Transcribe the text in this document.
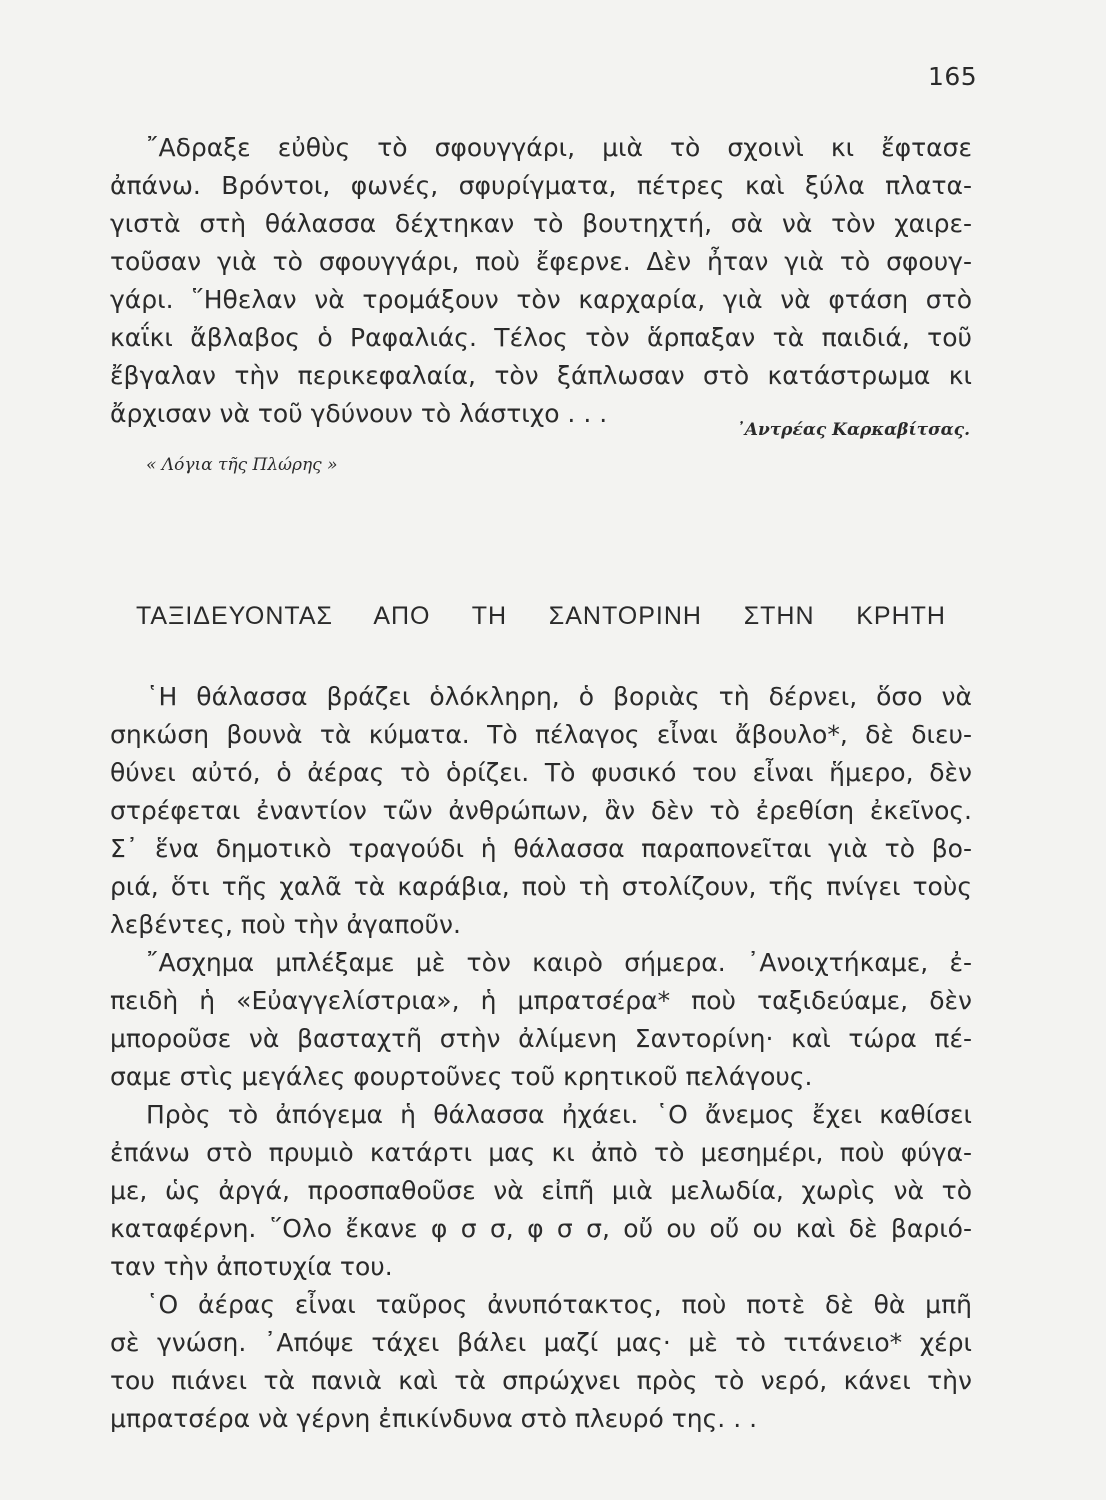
165
῎Αδραξε εὐθὺς τὸ σφουγγάρι, μιὰ τὸ σχοινὶ κι ἔφτασε
ἀπάνω. Βρόντοι, φωνές, σφυρίγματα, πέτρες καὶ ξύλα πλατα-
γιστὰ στὴ θάλασσα δέχτηκαν τὸ βουτηχτή, σὰ νὰ τὸν χαιρε-
τοῦσαν γιὰ τὸ σφουγγάρι, ποὺ ἔφερνε. Δὲν ἦταν γιὰ τὸ σφουγ-
γάρι. ῞Ηθελαν νὰ τρομάξουν τὸν καρχαρία, γιὰ νὰ φτάση στὸ
καΐκι ἄβλαβος ὁ Ραφαλιάς. Τέλος τὸν ἅρπαξαν τὰ παιδιά, τοῦ
ἔβγαλαν τὴν περικεφαλαία, τὸν ξάπλωσαν στὸ κατάστρωμα κι
ἄρχισαν νὰ τοῦ γδύνουν τὸ λάστιχο . . .
᾿Αντρέας Καρκαβίτσας.
« Λόγια τῆς Πλώρης »
ΤΑΞΙΔΕΥΟΝΤΑΣ ΑΠΟ ΤΗ ΣΑΝΤΟΡΙΝΗ ΣΤΗΝ ΚΡΗΤΗ
῾Η θάλασσα βράζει ὁλόκληρη, ὁ βοριὰς τὴ δέρνει, ὅσο νὰ
σηκώση βουνὰ τὰ κύματα. Τὸ πέλαγος εἶναι ἄβουλο*, δὲ διευ-
θύνει αὐτό, ὁ ἀέρας τὸ ὁρίζει. Τὸ φυσικό του εἶναι ἥμερο, δὲν
στρέφεται ἐναντίον τῶν ἀνθρώπων, ἂν δὲν τὸ ἐρεθίση ἐκεῖνος.
Σ᾿ ἕνα δημοτικὸ τραγούδι ἡ θάλασσα παραπονεῖται γιὰ τὸ βο-
ριά, ὅτι τῆς χαλᾶ τὰ καράβια, ποὺ τὴ στολίζουν, τῆς πνίγει τοὺς
λεβέντες, ποὺ τὴν ἀγαποῦν.
῎Ασχημα μπλέξαμε μὲ τὸν καιρὸ σήμερα. ᾿Ανοιχτήκαμε, ἐ-
πειδὴ ἡ «Εὐαγγελίστρια», ἡ μπρατσέρα* ποὺ ταξιδεύαμε, δὲν
μποροῦσε νὰ βασταχτῆ στὴν ἀλίμενη Σαντορίνη· καὶ τώρα πέ-
σαμε στὶς μεγάλες φουρτοῦνες τοῦ κρητικοῦ πελάγους.
Πρὸς τὸ ἀπόγεμα ἡ θάλασσα ἠχάει. ῾Ο ἄνεμος ἔχει καθίσει
ἐπάνω στὸ πρυμιὸ κατάρτι μας κι ἀπὸ τὸ μεσημέρι, ποὺ φύγα-
με, ὡς ἀργά, προσπαθοῦσε νὰ εἰπῆ μιὰ μελωδία, χωρὶς νὰ τὸ
καταφέρνη. ῞Ολο ἔκανε φ σ σ, φ σ σ, οὔ ου οὔ ου καὶ δὲ βαριό-
ταν τὴν ἀποτυχία του.
῾Ο ἀέρας εἶναι ταῦρος ἀνυπότακτος, ποὺ ποτὲ δὲ θὰ μπῆ
σὲ γνώση. ᾿Απόψε τάχει βάλει μαζί μας· μὲ τὸ τιτάνειο* χέρι
του πιάνει τὰ πανιὰ καὶ τὰ σπρώχνει πρὸς τὸ νερό, κάνει τὴν
μπρατσέρα νὰ γέρνη ἐπικίνδυνα στὸ πλευρό της. . .
